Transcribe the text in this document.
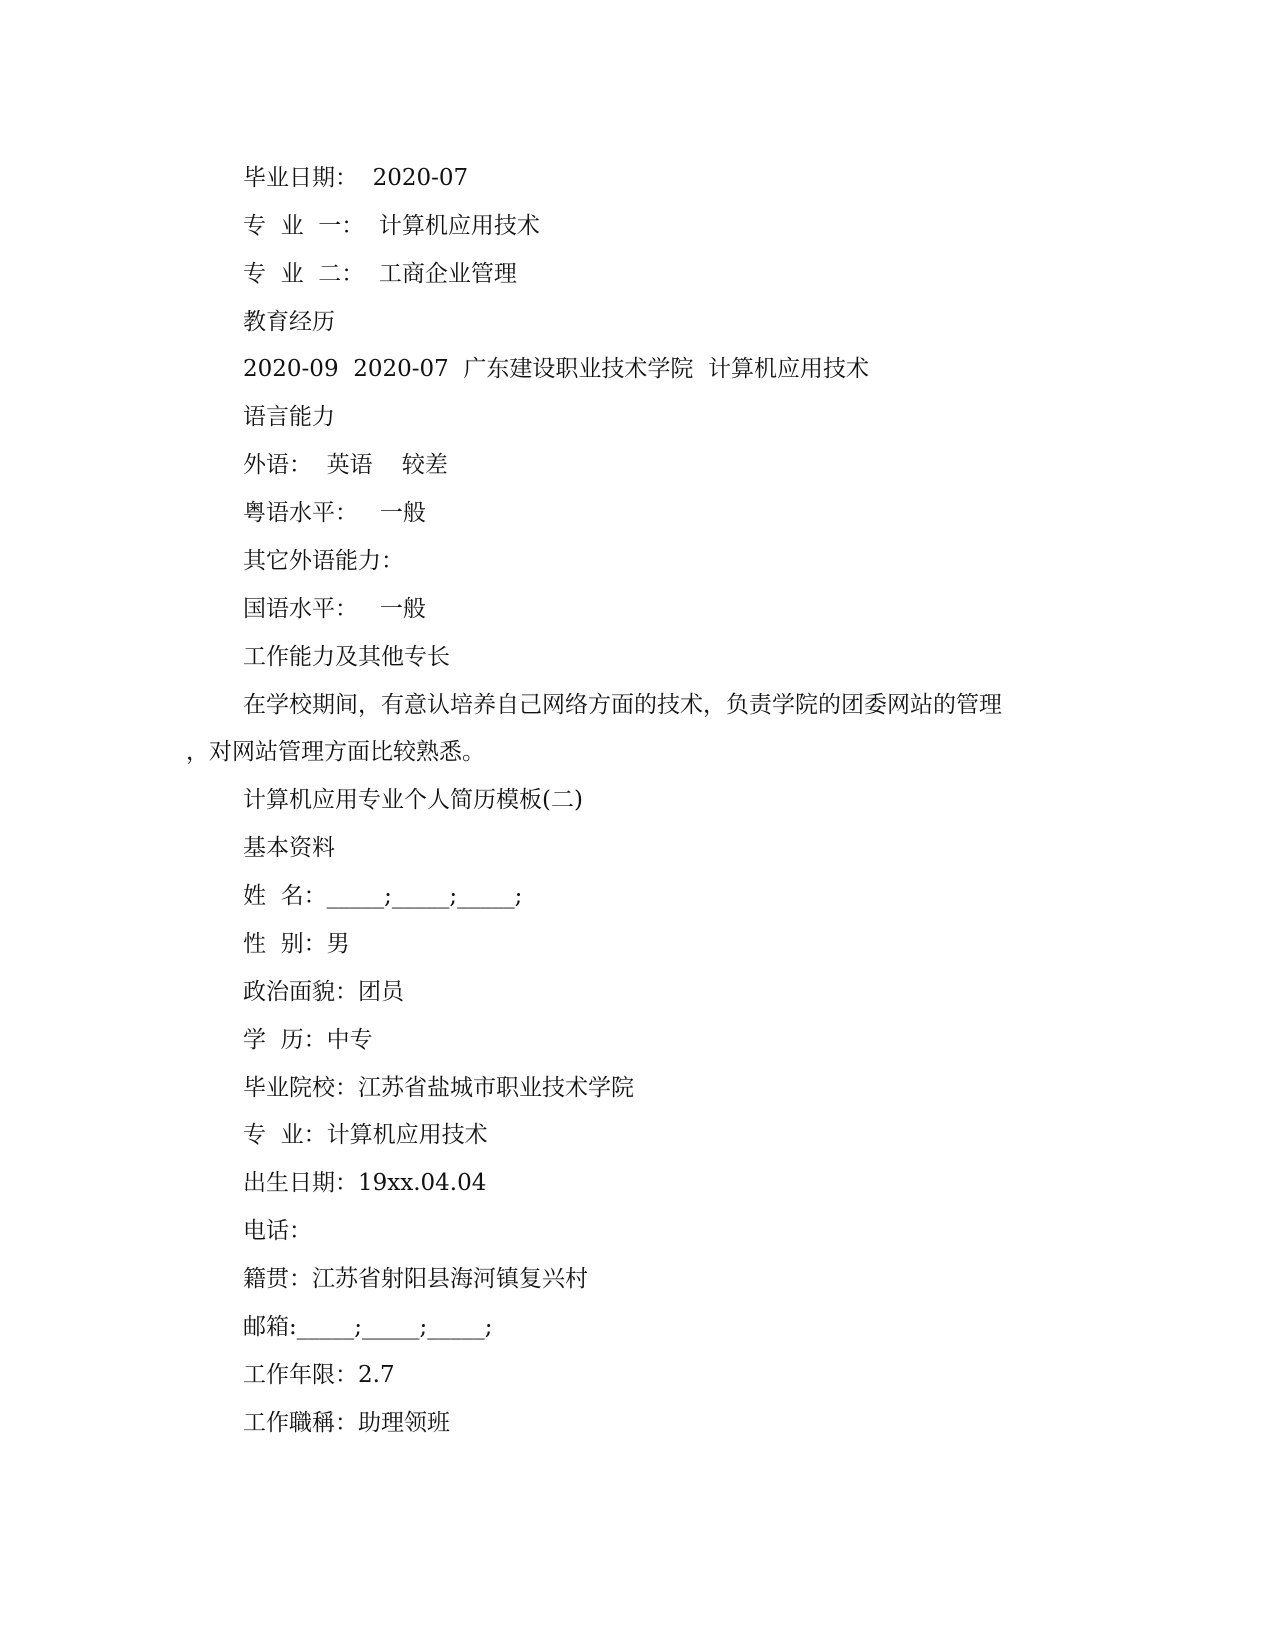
毕业日期：  2020-07
专  业  一：  计算机应用技术
专  业  二：  工商企业管理
教育经历
2020-09  2020-07  广东建设职业技术学院  计算机应用技术
语言能力
外语：  英语    较差
粤语水平：   一般
其它外语能力：
国语水平：   一般
工作能力及其他专长
在学校期间，有意认培养自己网络方面的技术，负责学院的团委网站的管理
，对网站管理方面比较熟悉。
计算机应用专业个人简历模板(二)
基本资料
姓  名：_____;_____;_____;
性  别：男
政治面貌：团员
学  历：中专
毕业院校：江苏省盐城市职业技术学院
专  业：计算机应用技术
出生日期：19xx.04.04
电话：
籍贯：江苏省射阳县海河镇复兴村
邮箱:_____;_____;_____;
工作年限：2.7
工作職稱：助理领班
